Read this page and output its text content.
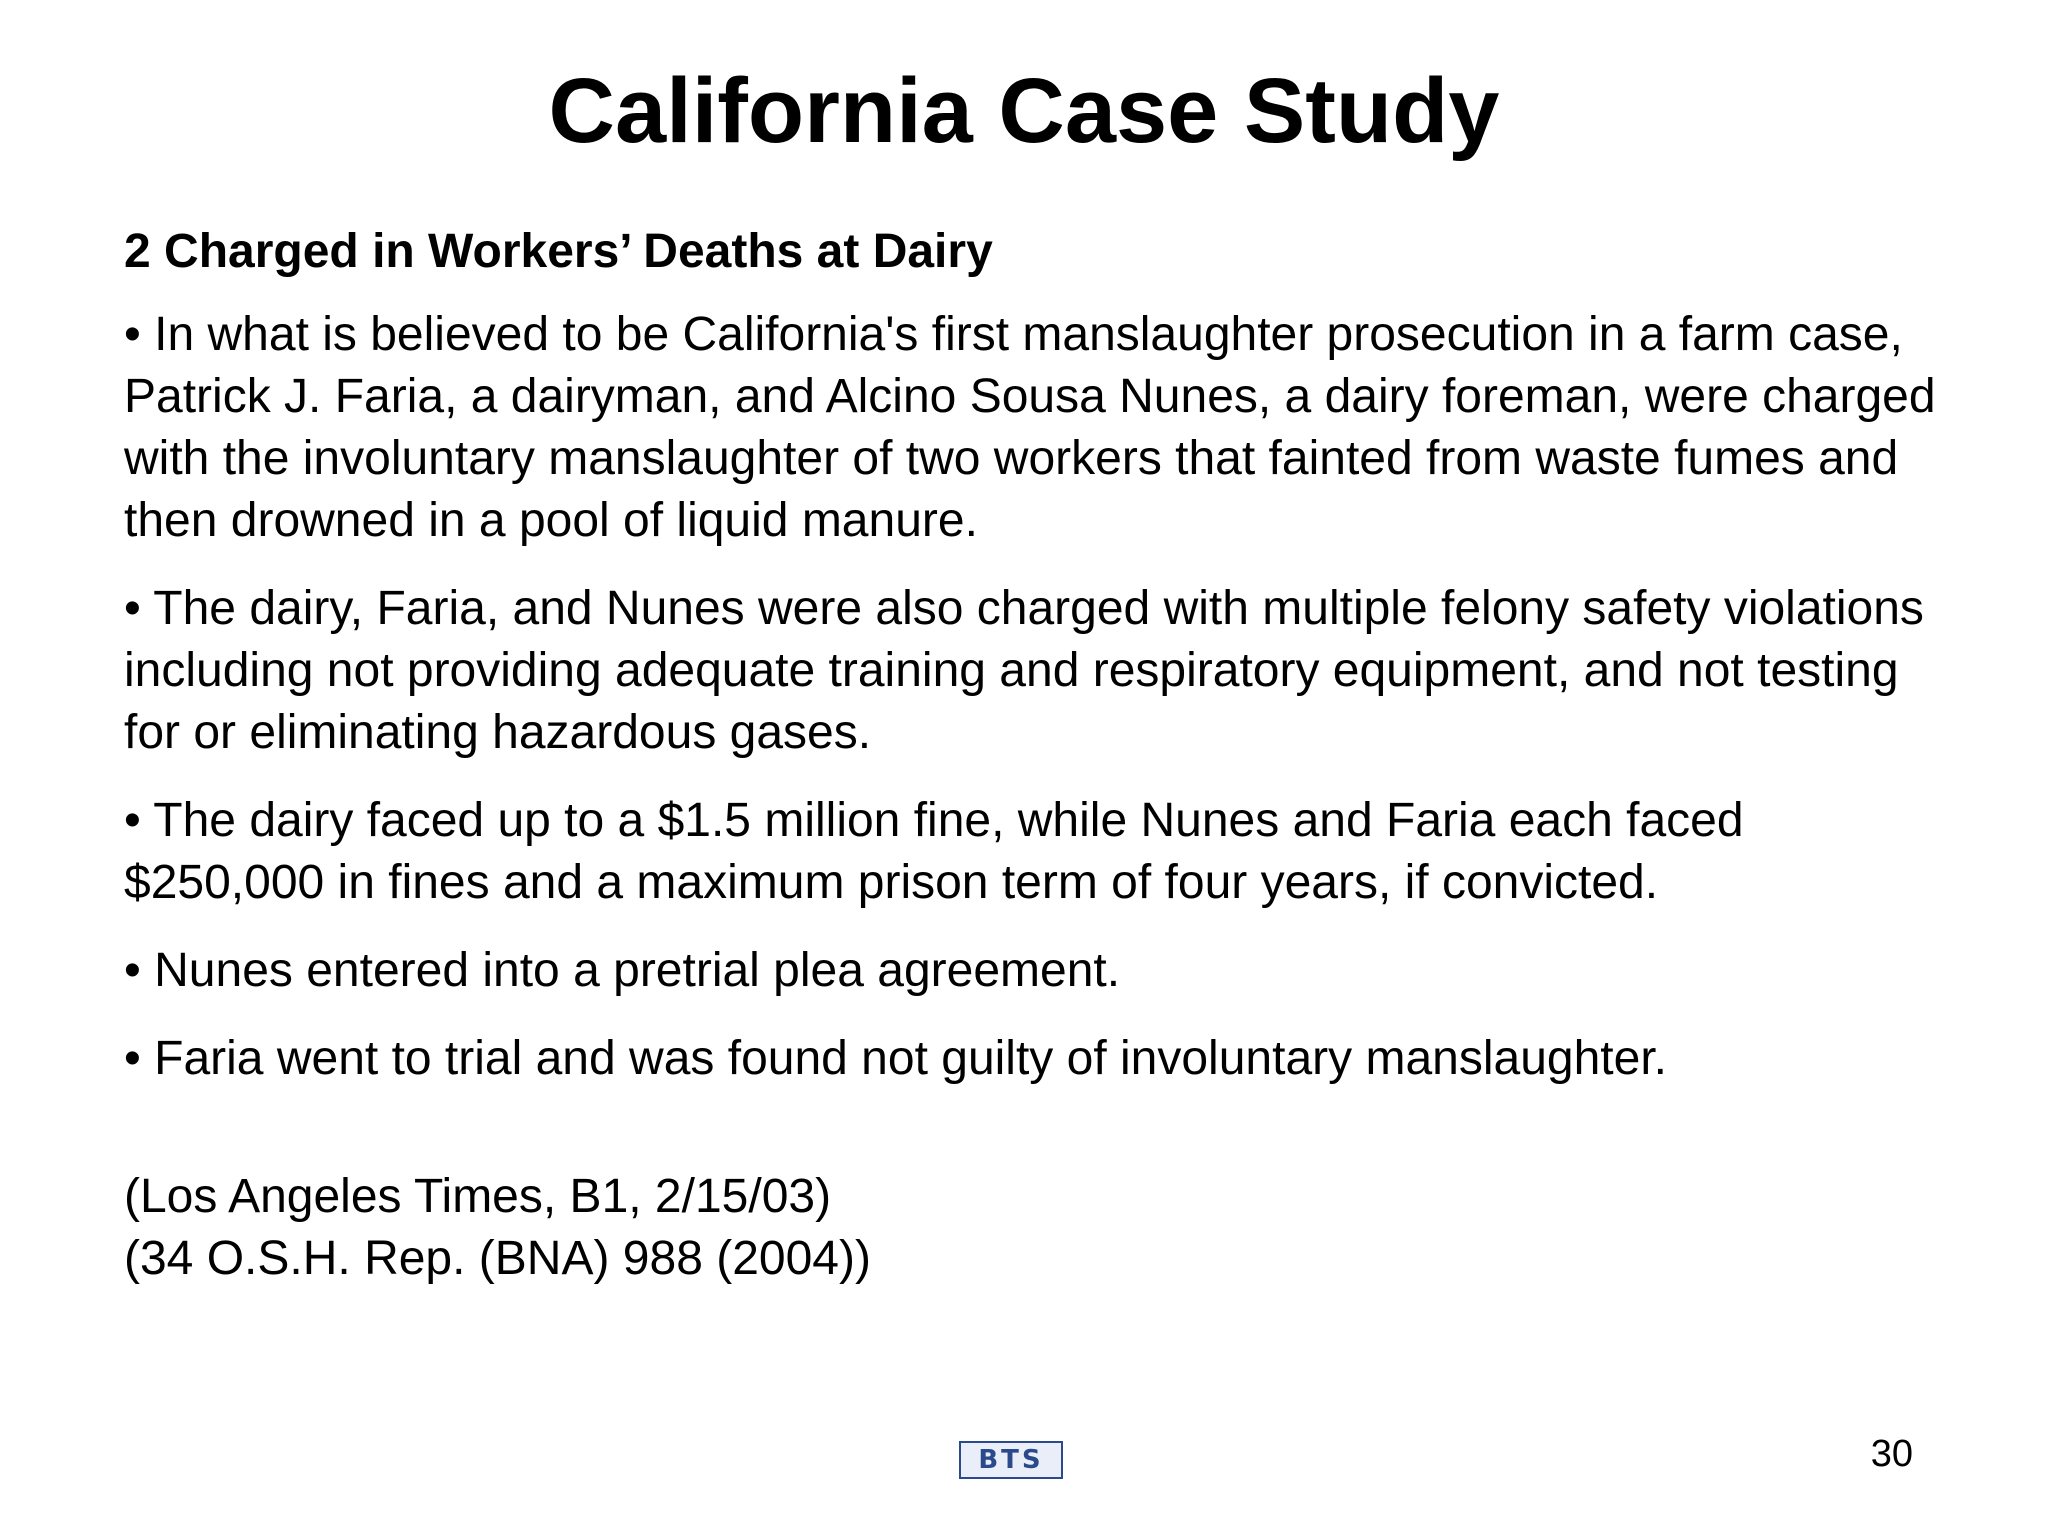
California Case Study
2 Charged in Workers’ Deaths at Dairy
• In what is believed to be California's first manslaughter prosecution in a farm case, Patrick J. Faria, a dairyman, and Alcino Sousa Nunes, a dairy foreman, were charged with the involuntary manslaughter of two workers that fainted from waste fumes and then drowned in a pool of liquid manure.
• The dairy, Faria, and Nunes were also charged with multiple felony safety violations including not providing adequate training and respiratory equipment, and not testing for or eliminating hazardous gases.
• The dairy faced up to a $1.5 million fine, while Nunes and Faria each faced $250,000 in fines and a maximum prison term of four years, if convicted.
• Nunes entered into a pretrial plea agreement.
• Faria went to trial and was found not guilty of involuntary manslaughter.
(Los Angeles Times, B1, 2/15/03)
(34 O.S.H. Rep. (BNA) 988 (2004))
BTS	30
